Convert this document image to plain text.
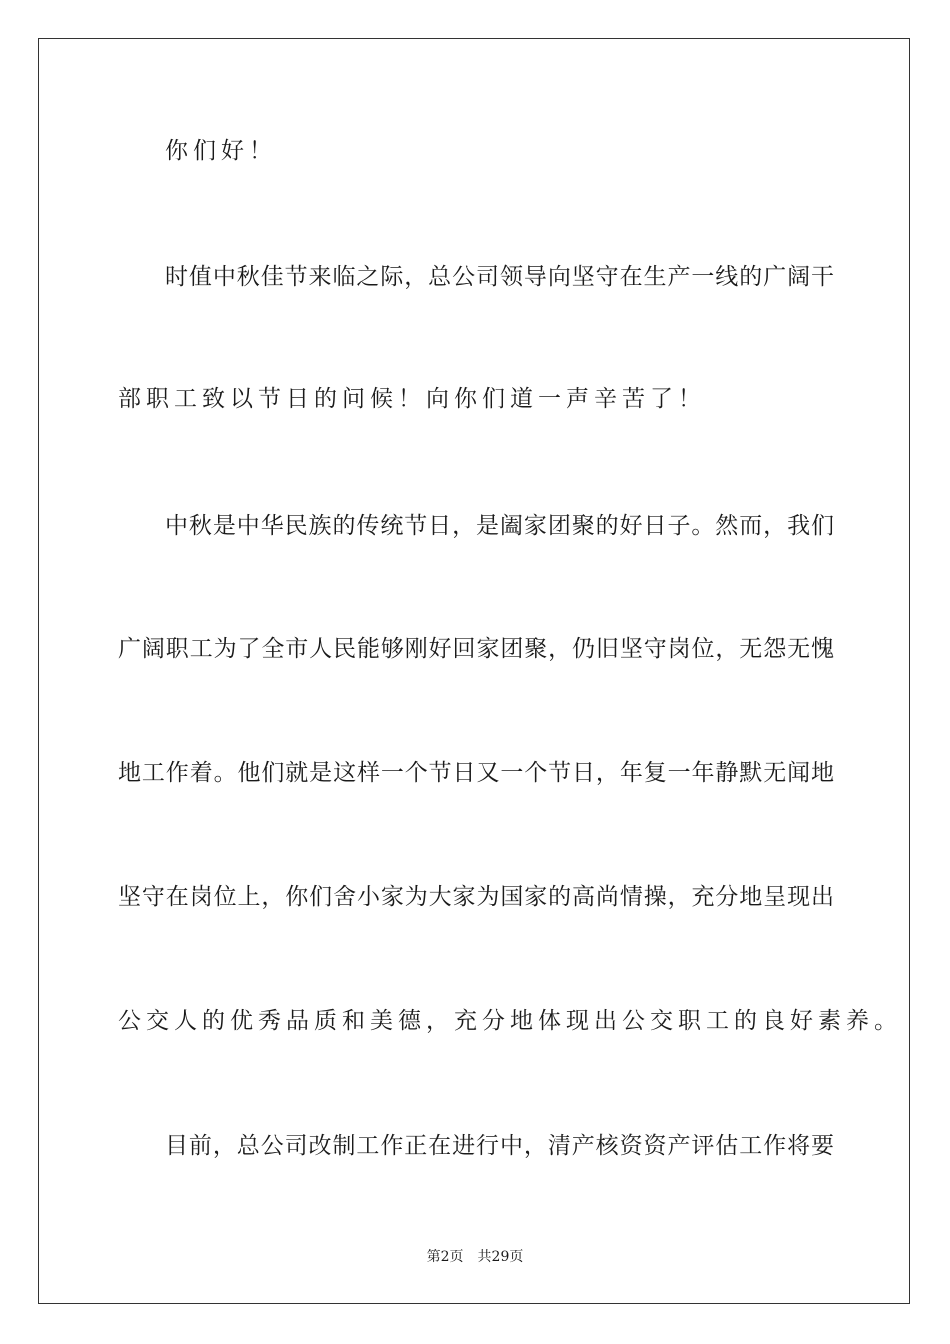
你们好！
时值中秋佳节来临之际，总公司领导向坚守在生产一线的广阔干
部职工致以节日的问候！向你们道一声辛苦了！
中秋是中华民族的传统节日，是阖家团聚的好日子。然而，我们
广阔职工为了全市人民能够刚好回家团聚，仍旧坚守岗位，无怨无愧
地工作着。他们就是这样一个节日又一个节日，年复一年静默无闻地
坚守在岗位上，你们舍小家为大家为国家的高尚情操，充分地呈现出
公交人的优秀品质和美德，充分地体现出公交职工的良好素养。
目前，总公司改制工作正在进行中，清产核资资产评估工作将要
第2页 共29页
